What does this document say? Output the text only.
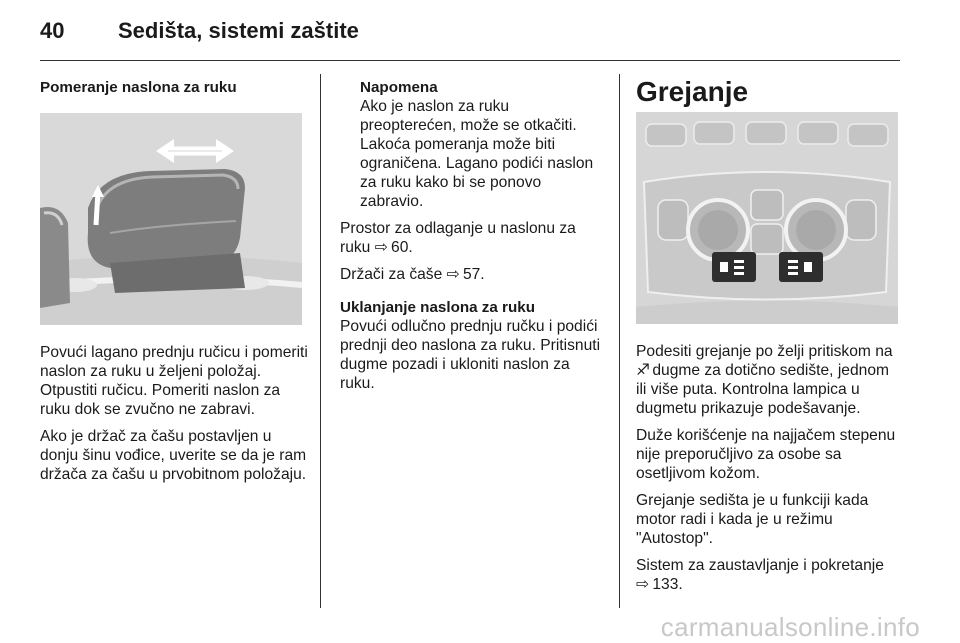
40	Sedišta, sistemi zaštite
Pomeranje naslona za ruku

Povući lagano prednju ručicu i pomeriti naslon za ruku u željeni položaj. Otpustiti ručicu. Pomeriti naslon za ruku dok se zvučno ne zabravi.

Ako je držač za čašu postavljen u donju šinu vođice, uverite se da je ram držača za čašu u prvobitnom položaju.

Napomena

Ako je naslon za ruku preopterećen, može se otkačiti. Lakoća pomeranja može biti ograničena. Lagano podići naslon za ruku kako bi se ponovo zabravio.

Prostor za odlaganje u naslonu za ruku ⇨ 60.

Držači za čaše ⇨ 57.

Uklanjanje naslona za ruku

Povući odlučno prednju ručku i podići prednji deo naslona za ruku. Pritisnuti dugme pozadi i ukloniti naslon za ruku.

Grejanje

Podesiti grejanje po želji pritiskom na
♐ dugme za dotično sedište, jednom ili više puta. Kontrolna lampica u dugmetu prikazuje podešavanje.

Duže korišćenje na najjačem stepenu nije preporučljivo za osobe sa osetljivom kožom.

Grejanje sedišta je u funkciji kada motor radi i kada je u režimu "Autostop".

Sistem za zaustavljanje i pokretanje
⇨ 133.

carmanualsonline.info
